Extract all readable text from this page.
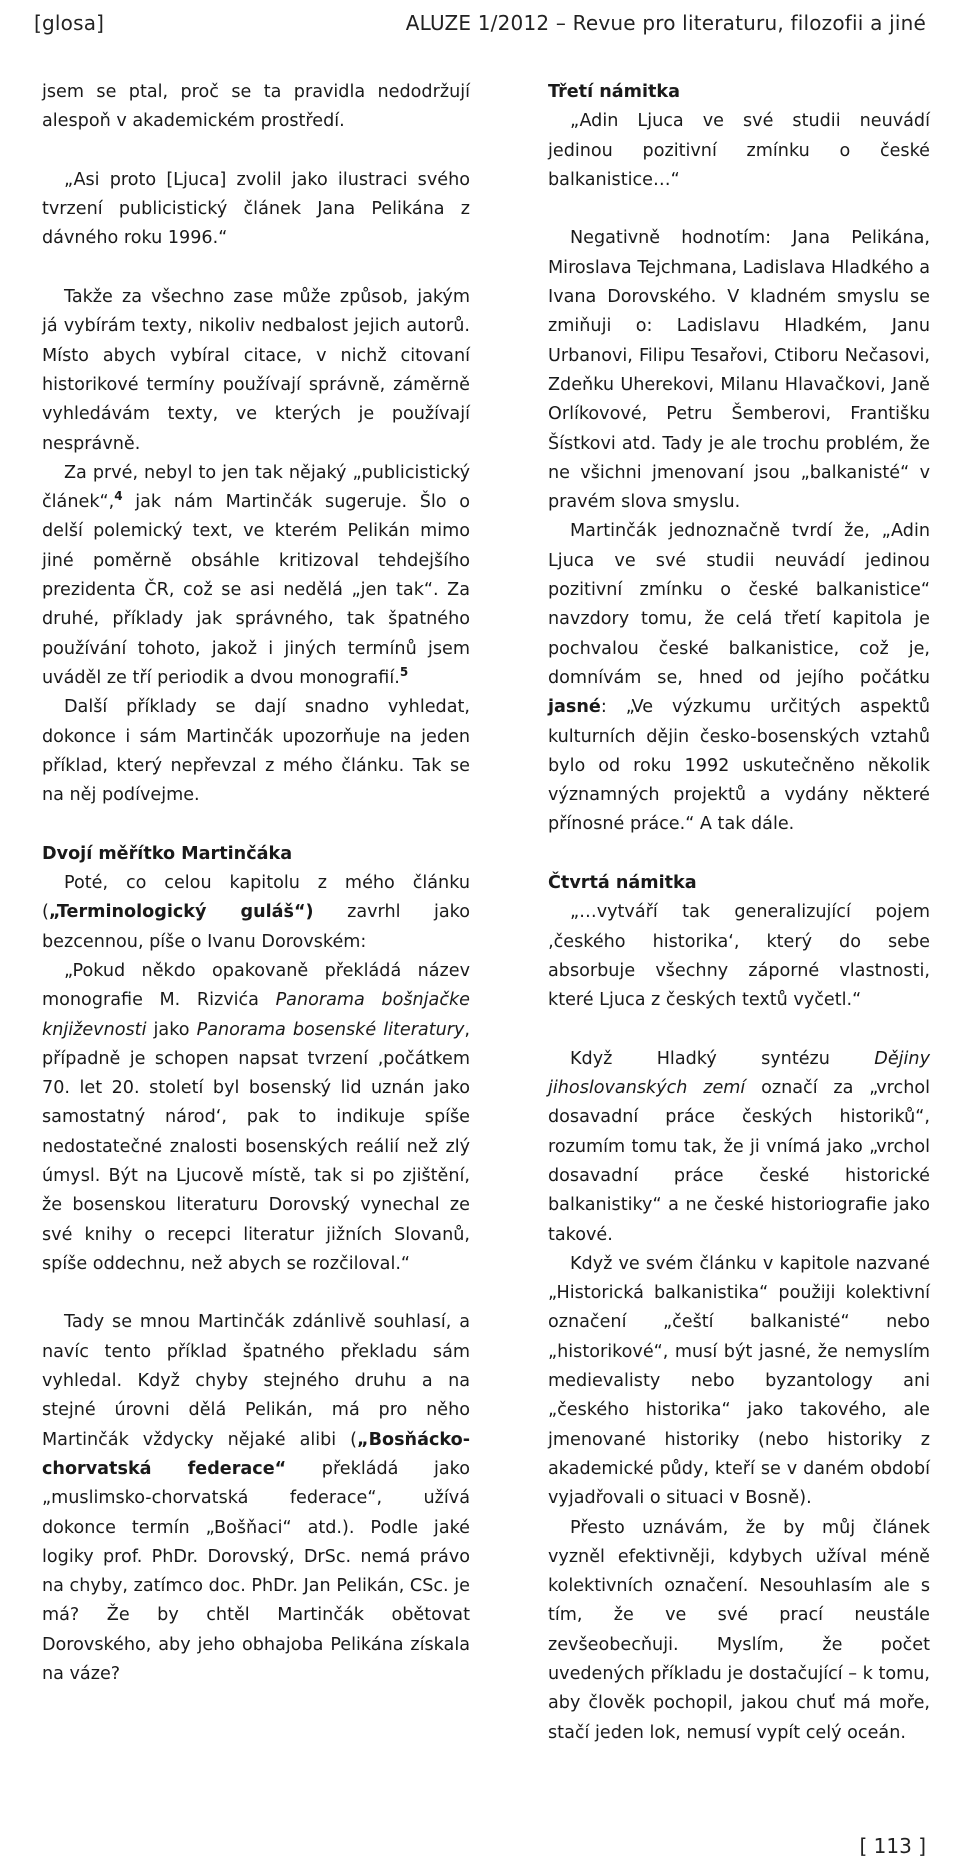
[glosa]	ALUZE 1/2012 – Revue pro literaturu, filozofii a jiné

jsem se ptal, proč se ta pravidla nedodržují alespoň v akademickém prostředí.

„Asi proto [Ljuca] zvolil jako ilustraci svého tvrzení publicistický článek Jana Pelikána z dávného roku 1996.“

Takže za všechno zase může způsob, jakým já vybírám texty, nikoliv nedbalost jejich autorů. Místo abych vybíral citace, v nichž citovaní historikové termíny používají správně, záměrně vyhledávám texty, ve kterých je používají nesprávně.

Za prvé, nebyl to jen tak nějaký „publicistický článek“,$^4$ jak nám Martinčák sugeruje. Šlo o delší polemický text, ve kterém Pelikán mimo jiné poměrně obsáhle kritizoval tehdejšího prezidenta ČR, což se asi nedělá „jen tak“. Za druhé, příklady jak správného, tak špatného používání tohoto, jakož i jiných termínů jsem uváděl ze tří periodik a dvou monografií.$^5$

Další příklady se dají snadno vyhledat, dokonce i sám Martinčák upozorňuje na jeden příklad, který nepřevzal z mého článku. Tak se na něj podívejme.

Dvojí měřítko Martinčáka

Poté, co celou kapitolu z mého článku („Terminologický guláš“) zavrhl jako bezcennou, píše o Ivanu Dorovském:

„Pokud někdo opakovaně překládá název monografie M. Rizvića Panorama bošnjačke književnosti jako Panorama bosenské literatury, případně je schopen napsat tvrzení ‚počátkem 70. let 20. století byl bosenský lid uznán jako samostatný národ‘, pak to indikuje spíše nedostatečné znalosti bosenských reálií než zlý úmysl. Být na Ljucově místě, tak si po zjištění, že bosenskou literaturu Dorovský vynechal ze své knihy o recepci literatur jižních Slovanů, spíše oddechnu, než abych se rozčiloval.“

Tady se mnou Martinčák zdánlivě souhlasí, a navíc tento příklad špatného překladu sám vyhledal. Když chyby stejného druhu a na stejné úrovni dělá Pelikán, má pro něho Martinčák vždycky nějaké alibi („Bosňácko-chorvatská federace“ překládá jako „muslimsko-chorvatská federace“, užívá dokonce termín „Bošňaci“ atd.). Podle jaké logiky prof. PhDr. Dorovský, DrSc. nemá právo na chyby, zatímco doc. PhDr. Jan Pelikán, CSc. je má? Že by chtěl Martinčák obětovat Dorovského, aby jeho obhajoba Pelikána získala na váze?

Třetí námitka

„Adin Ljuca ve své studii neuvádí jedinou pozitivní zmínku o české balkanistice…“

Negativně hodnotím: Jana Pelikána, Miroslava Tejchmana, Ladislava Hladkého a Ivana Dorovského. V kladném smyslu se zmiňuji o: Ladislavu Hladkém, Janu Urbanovi, Filipu Tesařovi, Ctiboru Nečasovi, Zdeňku Uherekovi, Milanu Hlavačkovi, Janě Orlíkovové, Petru Šemberovi, Františku Šístkovi atd. Tady je ale trochu problém, že ne všichni jmenovaní jsou „balkanisté“ v pravém slova smyslu.

Martinčák jednoznačně tvrdí že, „Adin Ljuca ve své studii neuvádí jedinou pozitivní zmínku o české balkanistice“ navzdory tomu, že celá třetí kapitola je pochvalou české balkanistice, což je, domnívám se, hned od jejího počátku jasné: „Ve výzkumu určitých aspektů kulturních dějin česko-bosenských vztahů bylo od roku 1992 uskutečněno několik významných projektů a vydány některé přínosné práce.“ A tak dále.

Čtvrtá námitka

„…vytváří tak generalizující pojem ‚českého historika‘, který do sebe absorbuje všechny záporné vlastnosti, které Ljuca z českých textů vyčetl.“

Když Hladký syntézu Dějiny jihoslovanských zemí označí za „vrchol dosavadní práce českých historiků“, rozumím tomu tak, že ji vnímá jako „vrchol dosavadní práce české historické balkanistiky“ a ne české historiografie jako takové.

Když ve svém článku v kapitole nazvané „Historická balkanistika“ použiji kolektivní označení „čeští balkanisté“ nebo „historikové“, musí být jasné, že nemyslím medievalisty nebo byzantology ani „českého historika“ jako takového, ale jmenované historiky (nebo historiky z akademické půdy, kteří se v daném období vyjadřovali o situaci v Bosně).

Přesto uznávám, že by můj článek vyzněl efektivněji, kdybych užíval méně kolektivních označení. Nesouhlasím ale s tím, že ve své prací neustále zevšeobecňuji. Myslím, že počet uvedených příkladu je dostačující – k tomu, aby člověk pochopil, jakou chuť má moře, stačí jeden lok, nemusí vypít celý oceán.

[ 113 ]
